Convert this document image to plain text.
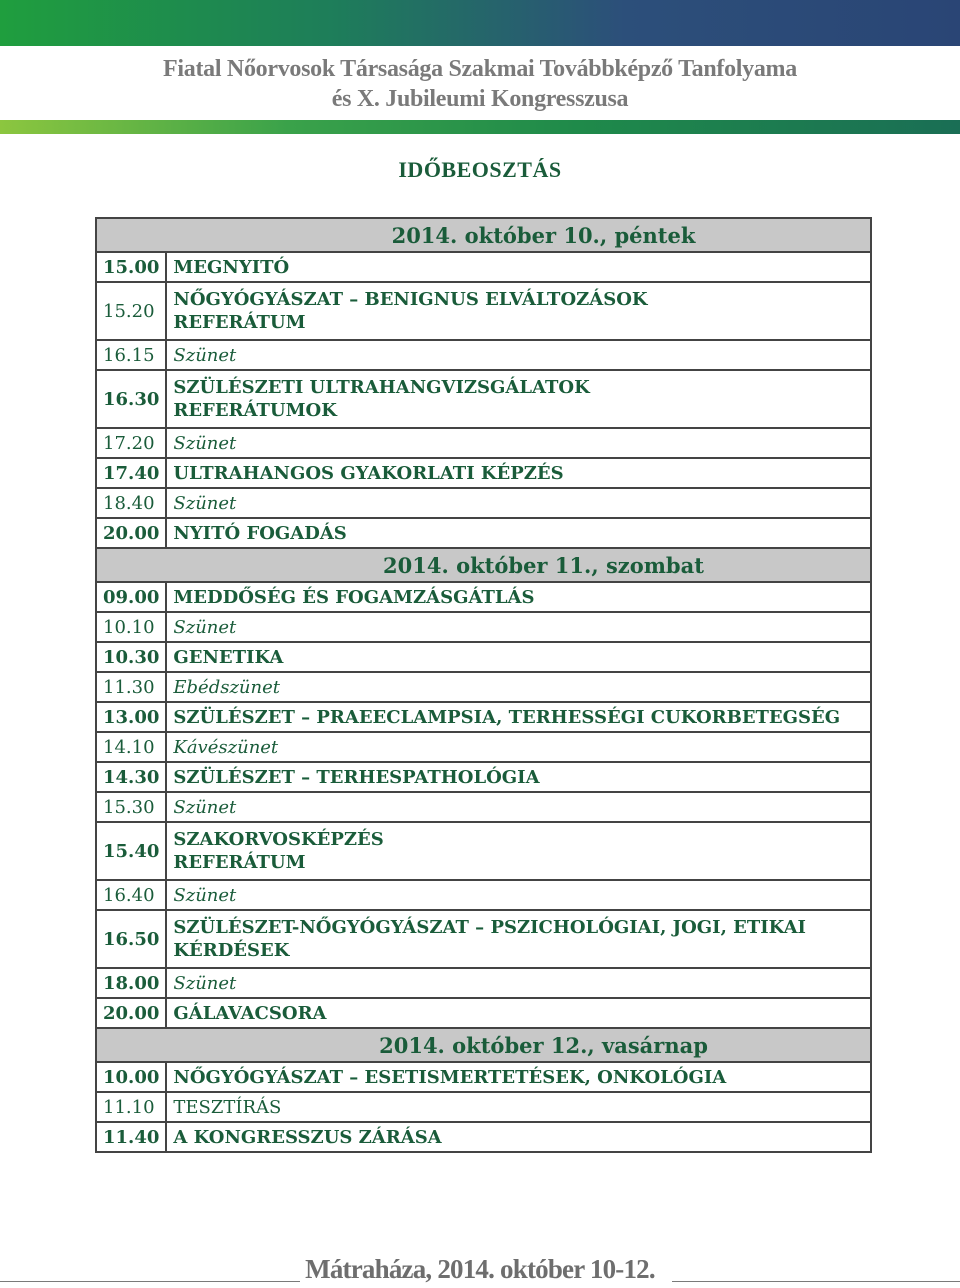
Fiatal Nőorvosok Társasága Szakmai Továbbképző Tanfolyama
és X. Jubileumi Kongresszusa
IDŐBEOSZTÁS
2014. október 10., péntek	
15.00	MEGNYITÓ
15.20	NŐGYÓGYÁSZAT – BENIGNUS ELVÁLTOZÁSOK
REFERÁTUM

16.15	Szünet
16.30	SZÜLÉSZETI ULTRAHANGVIZSGÁLATOK
REFERÁTUMOK

17.20	Szünet
17.40	ULTRAHANGOS GYAKORLATI KÉPZÉS
18.40	Szünet
20.00	NYITÓ FOGADÁS
2014. október 11., szombat	
09.00	MEDDŐSÉG ÉS FOGAMZÁSGÁTLÁS
10.10	Szünet
10.30	GENETIKA
11.30	Ebédszünet
13.00	SZÜLÉSZET – PRAEECLAMPSIA, TERHESSÉGI CUKORBETEGSÉG
14.10	Kávészünet
14.30	SZÜLÉSZET – TERHESPATHOLÓGIA
15.30	Szünet
15.40	SZAKORVOSKÉPZÉS
REFERÁTUM

16.40	Szünet
16.50	SZÜLÉSZET-NŐGYÓGYÁSZAT – PSZICHOLÓGIAI, JOGI, ETIKAI
KÉRDÉSEK

18.00	Szünet
20.00	GÁLAVACSORA
2014. október 12., vasárnap	
10.00	NŐGYÓGYÁSZAT – ESETISMERTETÉSEK, ONKOLÓGIA
11.10	TESZTÍRÁS
11.40	A KONGRESSZUS ZÁRÁSA
Mátraháza, 2014. október 10-12.
